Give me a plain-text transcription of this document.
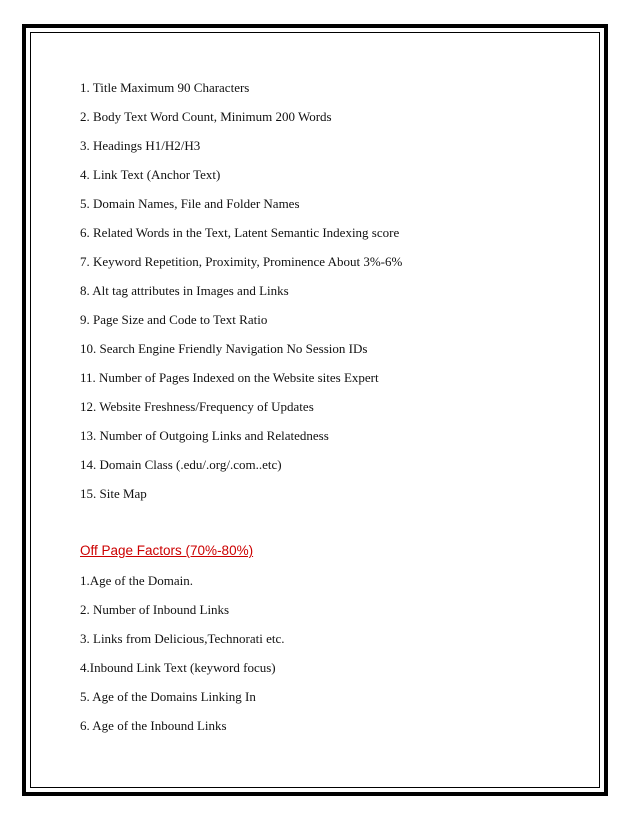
1. Title Maximum 90 Characters
2. Body Text Word Count, Minimum 200 Words
3. Headings H1/H2/H3
4. Link Text (Anchor Text)
5. Domain Names, File and Folder Names
6. Related Words in the Text, Latent Semantic Indexing score
7. Keyword Repetition, Proximity, Prominence About 3%-6%
8. Alt tag attributes in Images and Links
9. Page Size and Code to Text Ratio
10. Search Engine Friendly Navigation No Session IDs
11. Number of Pages Indexed on the Website sites Expert
12. Website Freshness/Frequency of Updates
13. Number of Outgoing Links and Relatedness
14. Domain Class (.edu/.org/.com..etc)
15. Site Map
Off Page Factors (70%-80%)
1.Age of the Domain.
2. Number of Inbound Links
3. Links from Delicious,Technorati etc.
4.Inbound Link Text (keyword focus)
5. Age of the Domains Linking In
6. Age of the Inbound Links
